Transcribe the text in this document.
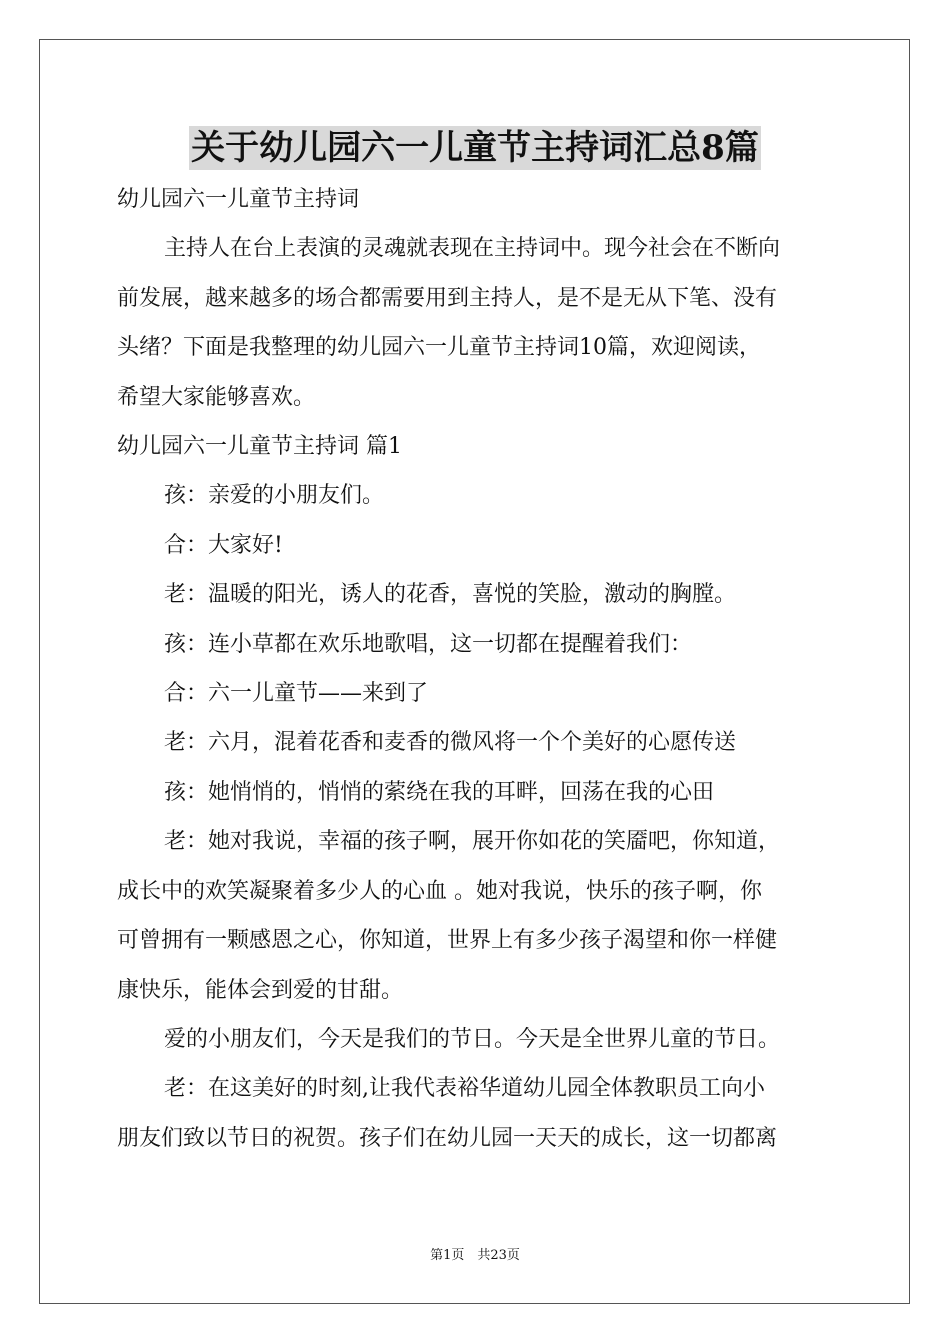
关于幼儿园六一儿童节主持词汇总8篇
幼儿园六一儿童节主持词
主持人在台上表演的灵魂就表现在主持词中。现今社会在不断向
前发展，越来越多的场合都需要用到主持人，是不是无从下笔、没有
头绪？下面是我整理的幼儿园六一儿童节主持词10篇，欢迎阅读，
希望大家能够喜欢。
幼儿园六一儿童节主持词 篇1
孩：亲爱的小朋友们。
合：大家好!
老：温暖的阳光，诱人的花香，喜悦的笑脸，激动的胸膛。
孩：连小草都在欢乐地歌唱，这一切都在提醒着我们：
合：六一儿童节——来到了
老：六月，混着花香和麦香的微风将一个个美好的心愿传送
孩：她悄悄的，悄悄的萦绕在我的耳畔，回荡在我的心田
老：她对我说，幸福的孩子啊，展开你如花的笑靥吧，你知道，
成长中的欢笑凝聚着多少人的心血 。她对我说，快乐的孩子啊，你
可曾拥有一颗感恩之心，你知道，世界上有多少孩子渴望和你一样健
康快乐，能体会到爱的甘甜。
爱的小朋友们，今天是我们的节日。今天是全世界儿童的节日。
老：在这美好的时刻,让我代表裕华道幼儿园全体教职员工向小
朋友们致以节日的祝贺。孩子们在幼儿园一天天的成长，这一切都离
第1页　共23页
